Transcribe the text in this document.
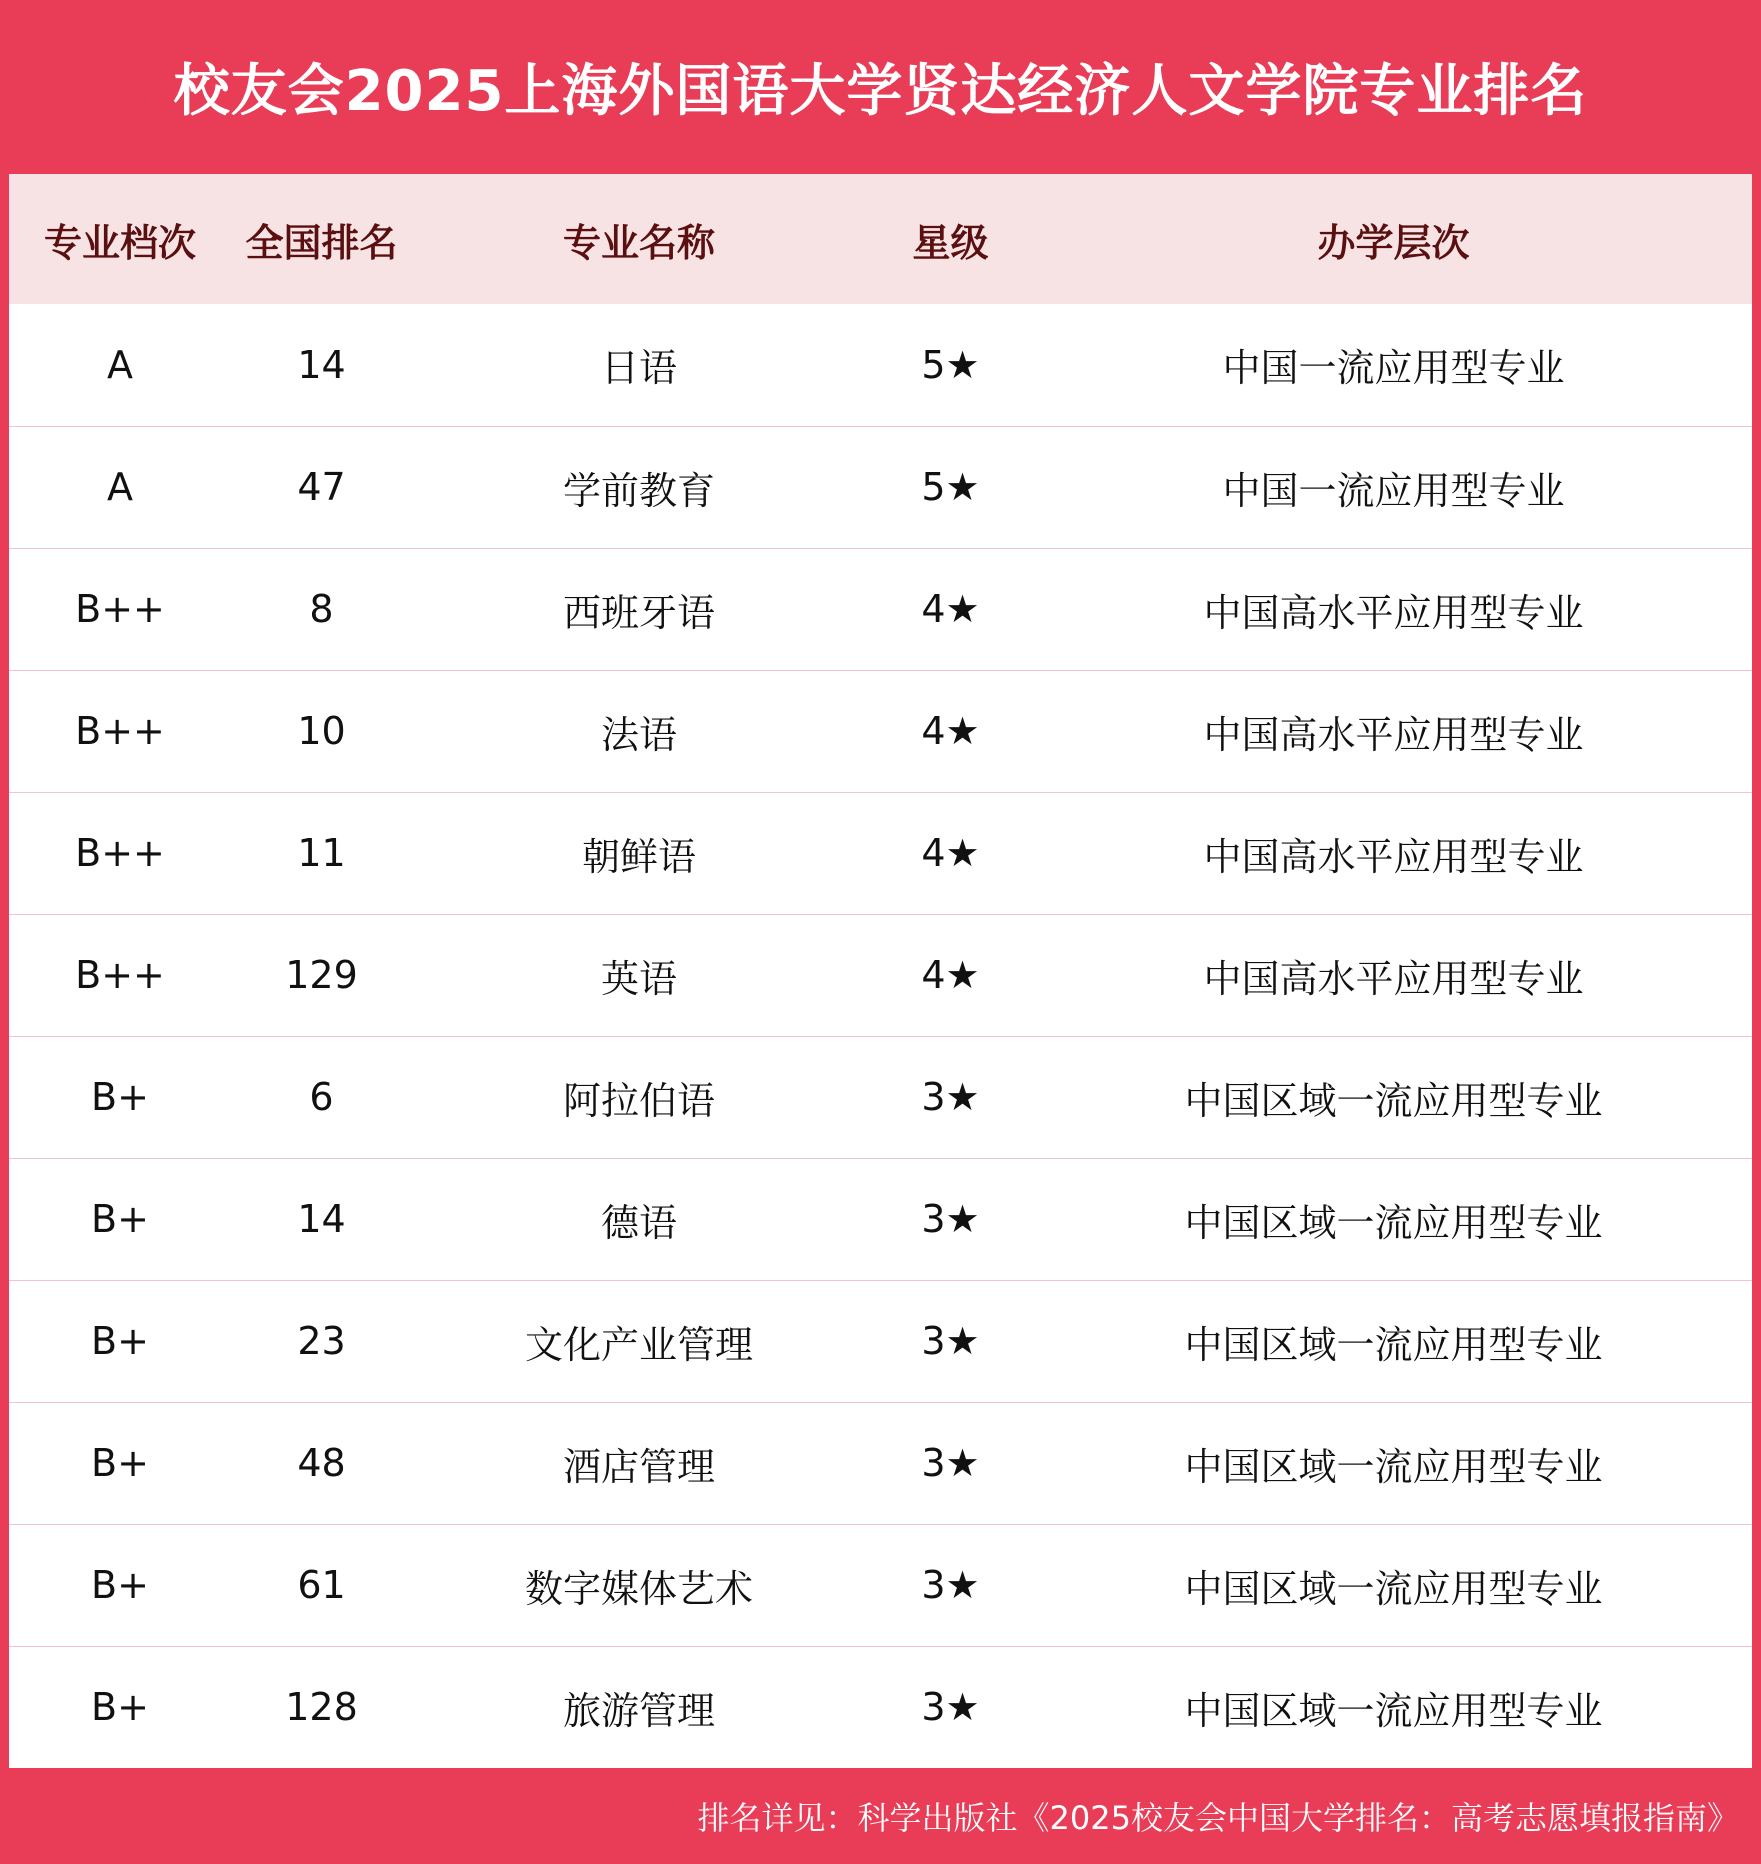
校友会2025上海外国语大学贤达经济人文学院专业排名
专业档次	全国排名	专业名称	星级	办学层次
A	14	日语	5★	中国一流应用型专业
A	47	学前教育	5★	中国一流应用型专业
B++	8	西班牙语	4★	中国高水平应用型专业
B++	10	法语	4★	中国高水平应用型专业
B++	11	朝鲜语	4★	中国高水平应用型专业
B++	129	英语	4★	中国高水平应用型专业
B+	6	阿拉伯语	3★	中国区域一流应用型专业
B+	14	德语	3★	中国区域一流应用型专业
B+	23	文化产业管理	3★	中国区域一流应用型专业
B+	48	酒店管理	3★	中国区域一流应用型专业
B+	61	数字媒体艺术	3★	中国区域一流应用型专业
B+	128	旅游管理	3★	中国区域一流应用型专业
排名详见：科学出版社《2025校友会中国大学排名：高考志愿填报指南》
